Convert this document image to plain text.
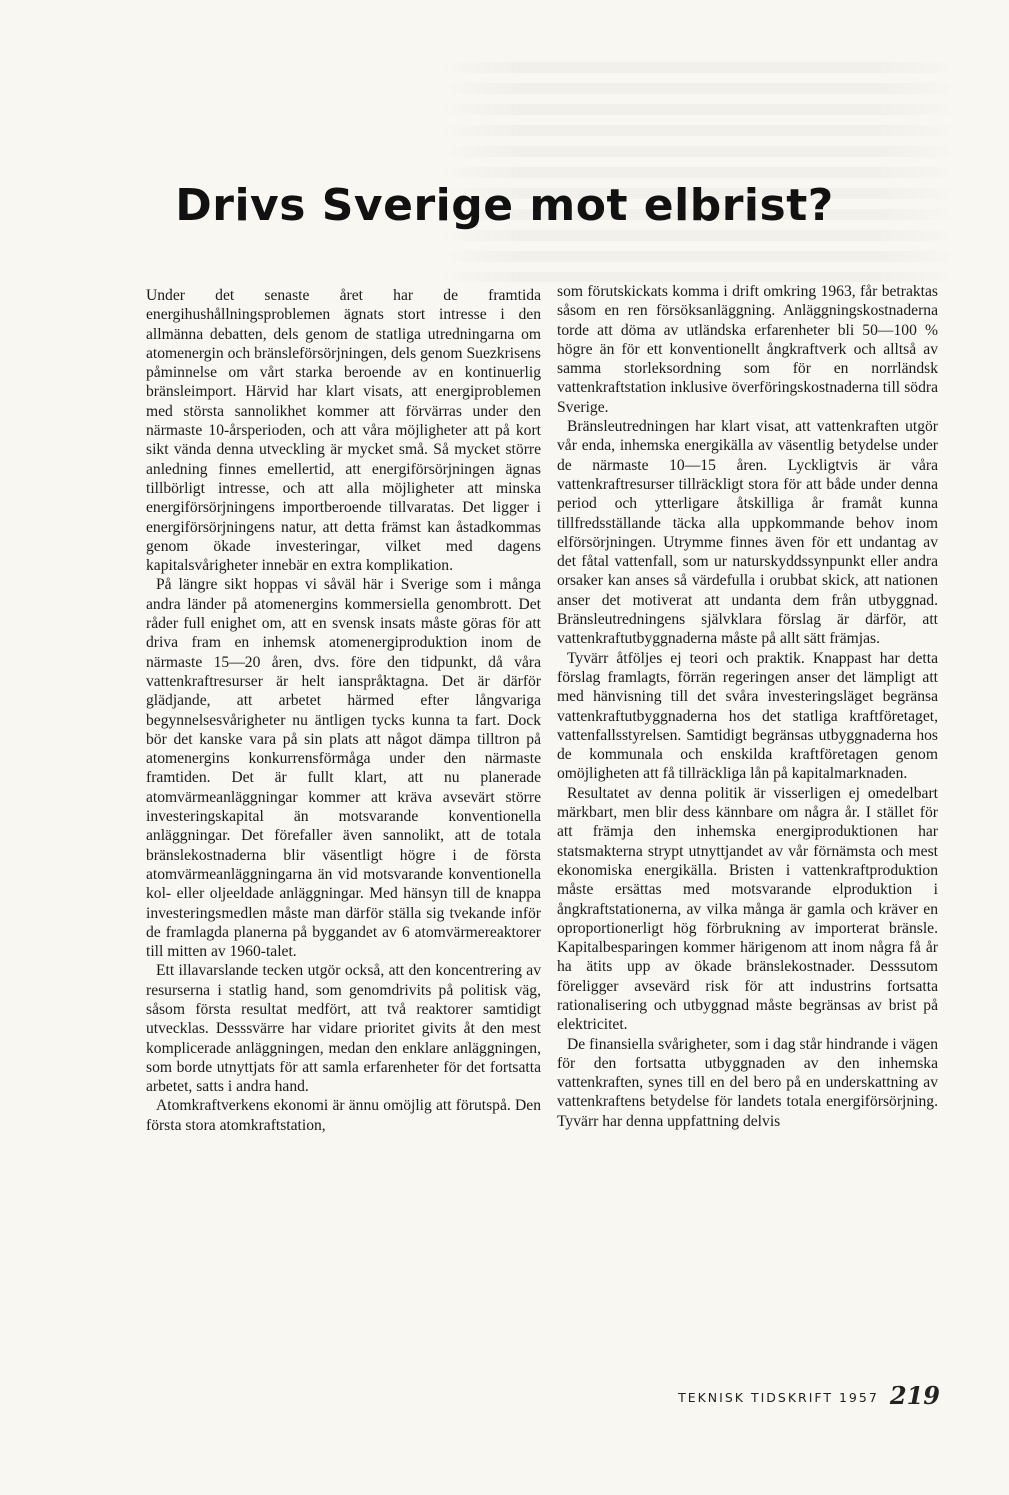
Drivs Sverige mot elbrist?

Under det senaste året har de framtida energihushållningsproblemen ägnats stort intresse i den allmänna debatten, dels genom de statliga utredningarna om atomenergin och bränsleförsörjningen, dels genom Suezkrisens påminnelse om vårt starka beroende av en kontinuerlig bränsleimport. Härvid har klart visats, att energiproblemen med största sannolikhet kommer att förvärras under den närmaste 10-årsperioden, och att våra möjligheter att på kort sikt vända denna utveckling är mycket små. Så mycket större anledning finnes emellertid, att energiförsörjningen ägnas tillbörligt intresse, och att alla möjligheter att minska energiförsörjningens importberoende tillvaratas. Det ligger i energiförsörjningens natur, att detta främst kan åstadkommas genom ökade investeringar, vilket med dagens kapitalsvårigheter innebär en extra komplikation.

På längre sikt hoppas vi såväl här i Sverige som i många andra länder på atomenergins kommersiella genombrott. Det råder full enighet om, att en svensk insats måste göras för att driva fram en inhemsk atomenergiproduktion inom de närmaste 15—20 åren, dvs. före den tidpunkt, då våra vattenkraftresurser är helt ianspråktagna. Det är därför glädjande, att arbetet härmed efter långvariga begynnelsesvårigheter nu äntligen tycks kunna ta fart. Dock bör det kanske vara på sin plats att något dämpa tilltron på atomenergins konkurrensförmåga under den närmaste framtiden. Det är fullt klart, att nu planerade atomvärmeanläggningar kommer att kräva avsevärt större investeringskapital än motsvarande konventionella anläggningar. Det förefaller även sannolikt, att de totala bränslekostnaderna blir väsentligt högre i de första atomvärmeanläggningarna än vid motsvarande konventionella kol- eller oljeeldade anläggningar. Med hänsyn till de knappa investeringsmedlen måste man därför ställa sig tvekande inför de framlagda planerna på byggandet av 6 atomvärmereaktorer till mitten av 1960-talet.

Ett illavarslande tecken utgör också, att den koncentrering av resurserna i statlig hand, som genomdrivits på politisk väg, såsom första resultat medfört, att två reaktorer samtidigt utvecklas. Desssvärre har vidare prioritet givits åt den mest komplicerade anläggningen, medan den enklare anläggningen, som borde utnyttjats för att samla erfarenheter för det fortsatta arbetet, satts i andra hand.

Atomkraftverkens ekonomi är ännu omöjlig att förutspå. Den första stora atomkraftstation,

som förutskickats komma i drift omkring 1963, får betraktas såsom en ren försöksanläggning. Anläggningskostnaderna torde att döma av utländska erfarenheter bli 50—100 % högre än för ett konventionellt ångkraftverk och alltså av samma storleksordning som för en norrländsk vattenkraftstation inklusive överföringskostnaderna till södra Sverige.

Bränsleutredningen har klart visat, att vattenkraften utgör vår enda, inhemska energikälla av väsentlig betydelse under de närmaste 10—15 åren. Lyckligtvis är våra vattenkraftresurser tillräckligt stora för att både under denna period och ytterligare åtskilliga år framåt kunna tillfredsställande täcka alla uppkommande behov inom elförsörjningen. Utrymme finnes även för ett undantag av det fåtal vattenfall, som ur naturskyddssynpunkt eller andra orsaker kan anses så värdefulla i orubbat skick, att nationen anser det motiverat att undanta dem från utbyggnad. Bränsleutredningens självklara förslag är därför, att vattenkraftutbyggnaderna måste på allt sätt främjas.

Tyvärr åtföljes ej teori och praktik. Knappast har detta förslag framlagts, förrän regeringen anser det lämpligt att med hänvisning till det svåra investeringsläget begränsa vattenkraftutbyggnaderna hos det statliga kraftföretaget, vattenfallsstyrelsen. Samtidigt begränsas utbyggnaderna hos de kommunala och enskilda kraftföretagen genom omöjligheten att få tillräckliga lån på kapitalmarknaden.

Resultatet av denna politik är visserligen ej omedelbart märkbart, men blir dess kännbare om några år. I stället för att främja den inhemska energiproduktionen har statsmakterna strypt utnyttjandet av vår förnämsta och mest ekonomiska energikälla. Bristen i vattenkraftproduktion måste ersättas med motsvarande elproduktion i ångkraftstationerna, av vilka många är gamla och kräver en oproportionerligt hög förbrukning av importerat bränsle. Kapitalbesparingen kommer härigenom att inom några få år ha ätits upp av ökade bränslekostnader. Desssutom föreligger avsevärd risk för att industrins fortsatta rationalisering och utbyggnad måste begränsas av brist på elektricitet.

De finansiella svårigheter, som i dag står hindrande i vägen för den fortsatta utbyggnaden av den inhemska vattenkraften, synes till en del bero på en underskattning av vattenkraftens betydelse för landets totala energiförsörjning. Tyvärr har denna uppfattning delvis

TEKNISK TIDSKRIFT 1957 219
